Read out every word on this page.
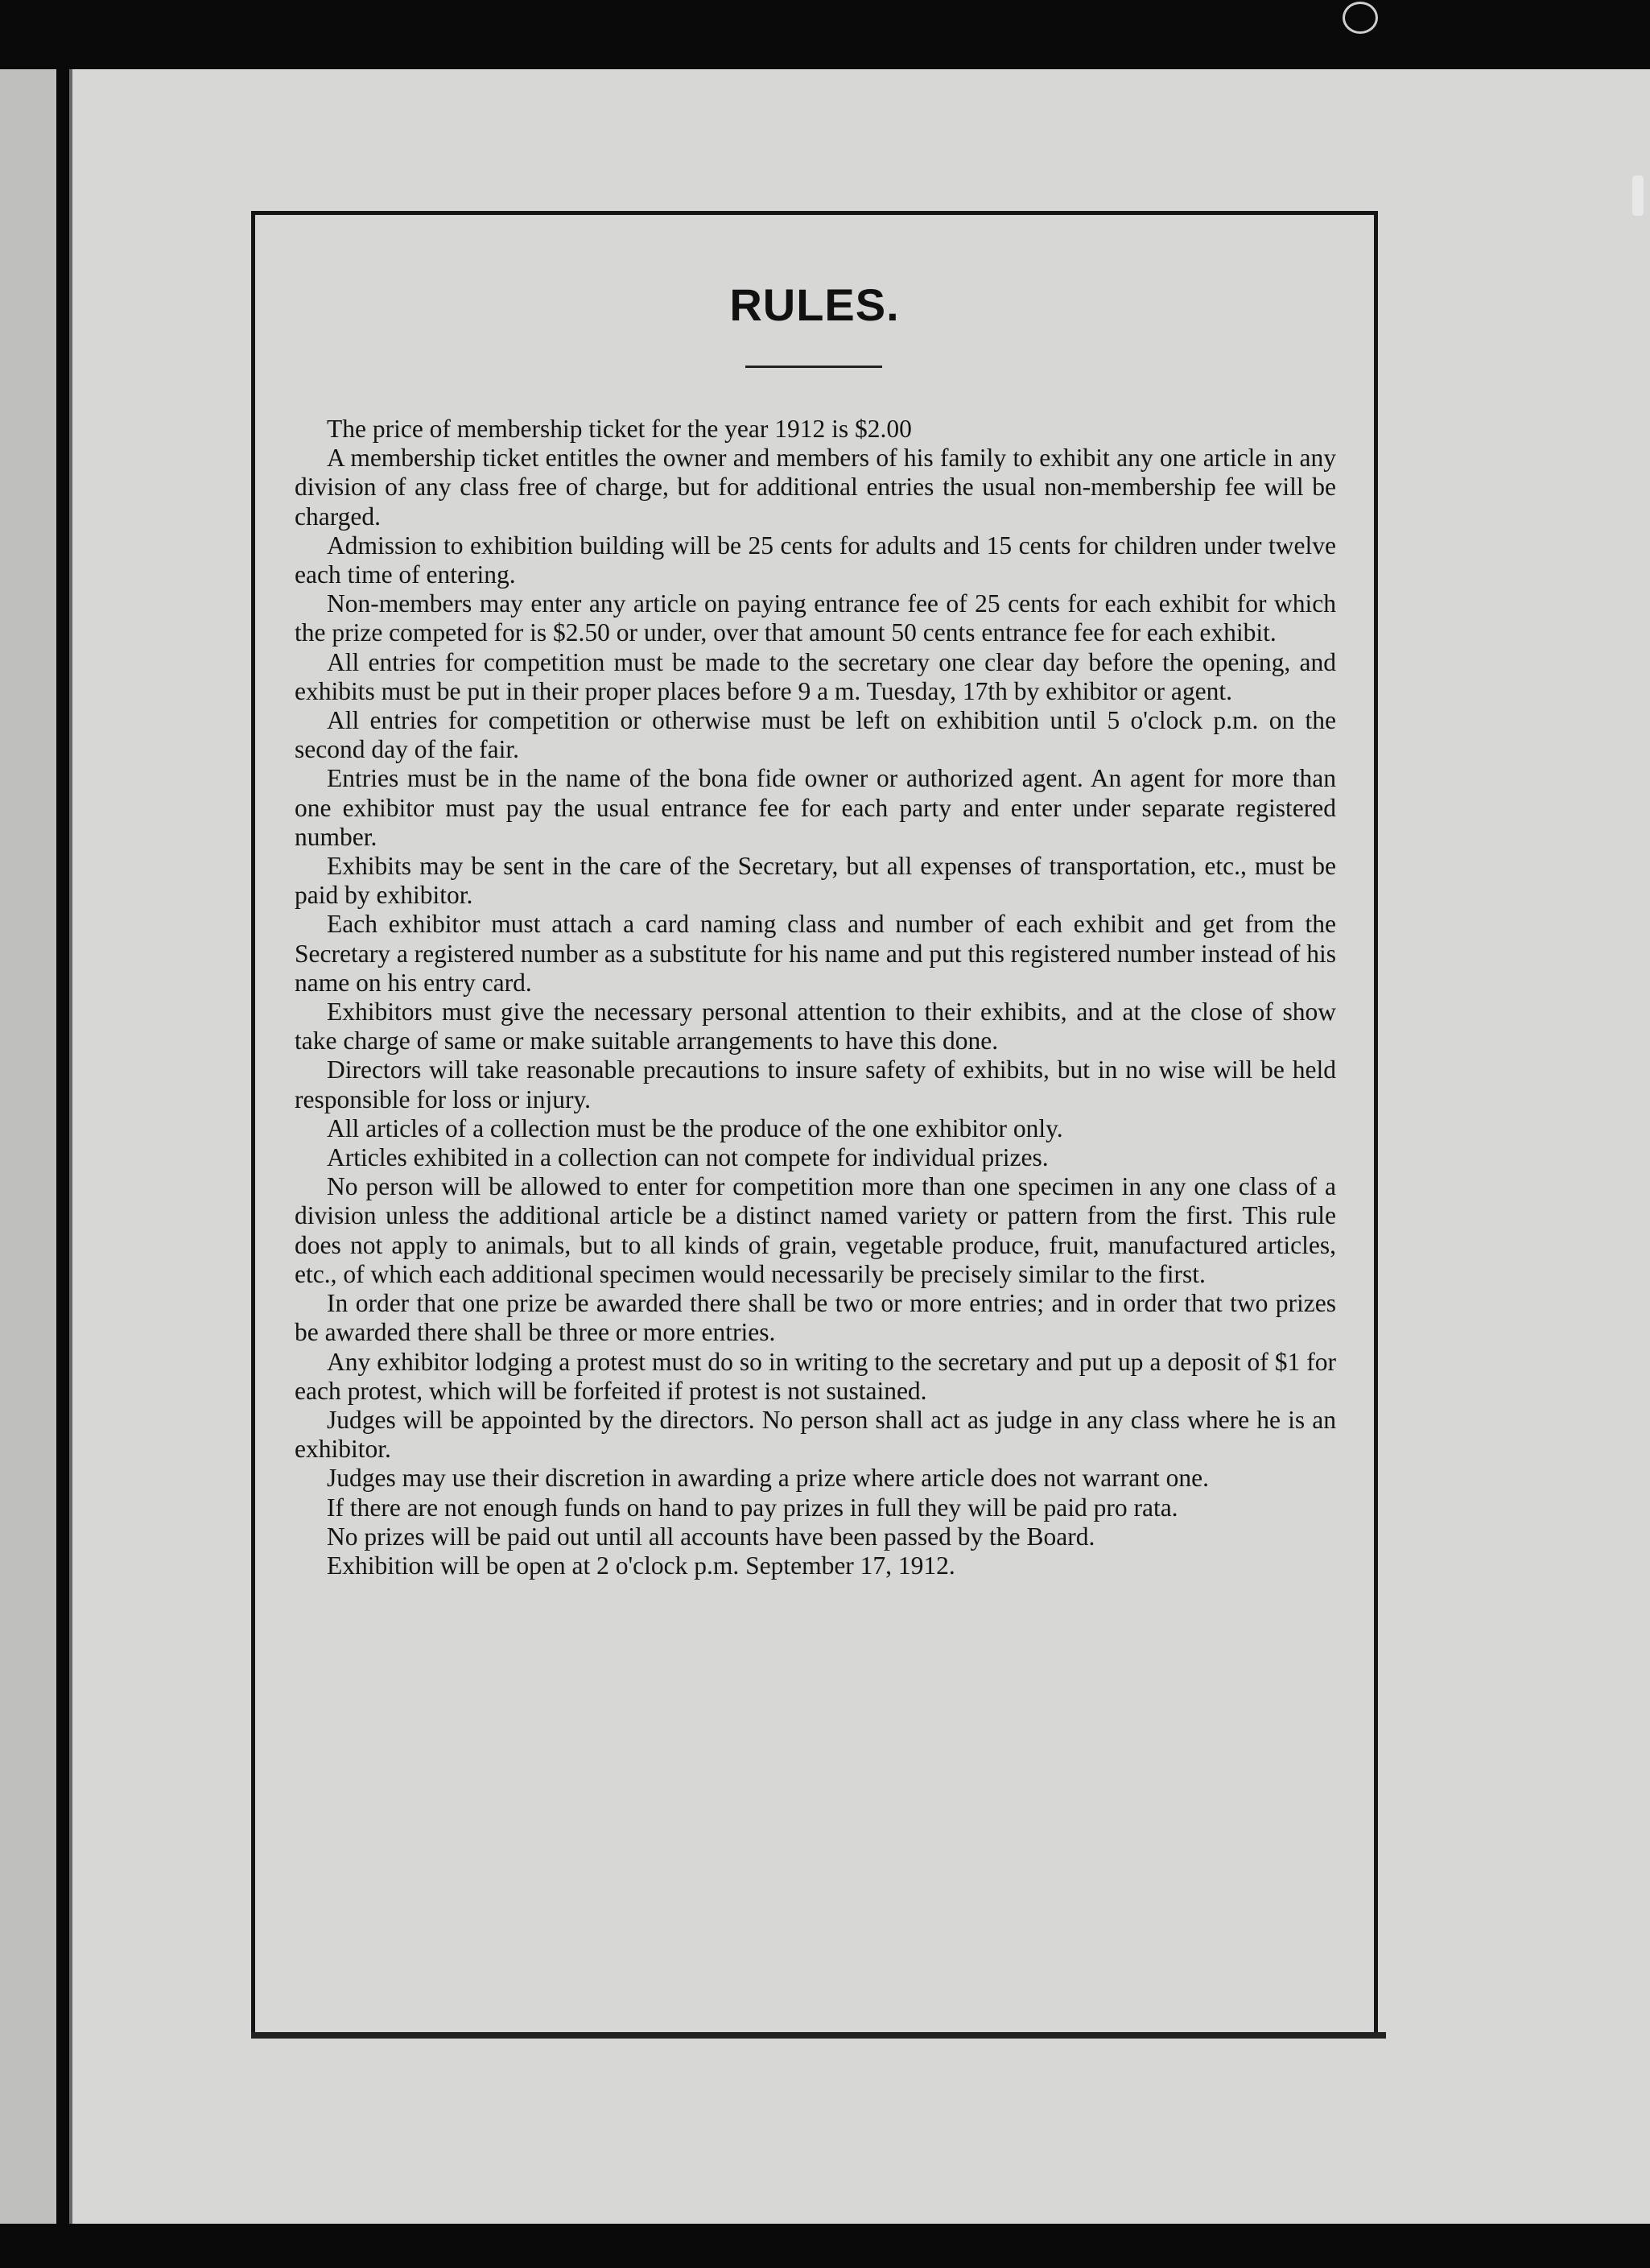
RULES.
The price of membership ticket for the year 1912 is $2.00
A membership ticket entitles the owner and members of his family to exhibit any one article in any division of any class free of charge, but for additional entries the usual non-membership fee will be charged.
Admission to exhibition building will be 25 cents for adults and 15 cents for children under twelve each time of entering.
Non-members may enter any article on paying entrance fee of 25 cents for each exhibit for which the prize competed for is $2.50 or under, over that amount 50 cents entrance fee for each exhibit.
All entries for competition must be made to the secretary one clear day before the opening, and exhibits must be put in their proper places before 9 a m. Tuesday, 17th by exhibitor or agent.
All entries for competition or otherwise must be left on exhibition until 5 o'clock p.m. on the second day of the fair.
Entries must be in the name of the bona fide owner or authorized agent. An agent for more than one exhibitor must pay the usual entrance fee for each party and enter under separate registered number.
Exhibits may be sent in the care of the Secretary, but all expenses of transportation, etc., must be paid by exhibitor.
Each exhibitor must attach a card naming class and number of each exhibit and get from the Secretary a registered number as a substitute for his name and put this registered number instead of his name on his entry card.
Exhibitors must give the necessary personal attention to their exhibits, and at the close of show take charge of same or make suitable arrangements to have this done.
Directors will take reasonable precautions to insure safety of exhibits, but in no wise will be held responsible for loss or injury.
All articles of a collection must be the produce of the one exhibitor only.
Articles exhibited in a collection can not compete for individual prizes.
No person will be allowed to enter for competition more than one specimen in any one class of a division unless the additional article be a distinct named variety or pattern from the first. This rule does not apply to animals, but to all kinds of grain, vegetable produce, fruit, manufactured articles, etc., of which each additional specimen would necessarily be precisely similar to the first.
In order that one prize be awarded there shall be two or more entries; and in order that two prizes be awarded there shall be three or more entries.
Any exhibitor lodging a protest must do so in writing to the secretary and put up a deposit of $1 for each protest, which will be forfeited if protest is not sustained.
Judges will be appointed by the directors. No person shall act as judge in any class where he is an exhibitor.
Judges may use their discretion in awarding a prize where article does not warrant one.
If there are not enough funds on hand to pay prizes in full they will be paid pro rata.
No prizes will be paid out until all accounts have been passed by the Board.
Exhibition will be open at 2 o'clock p.m. September 17, 1912.
